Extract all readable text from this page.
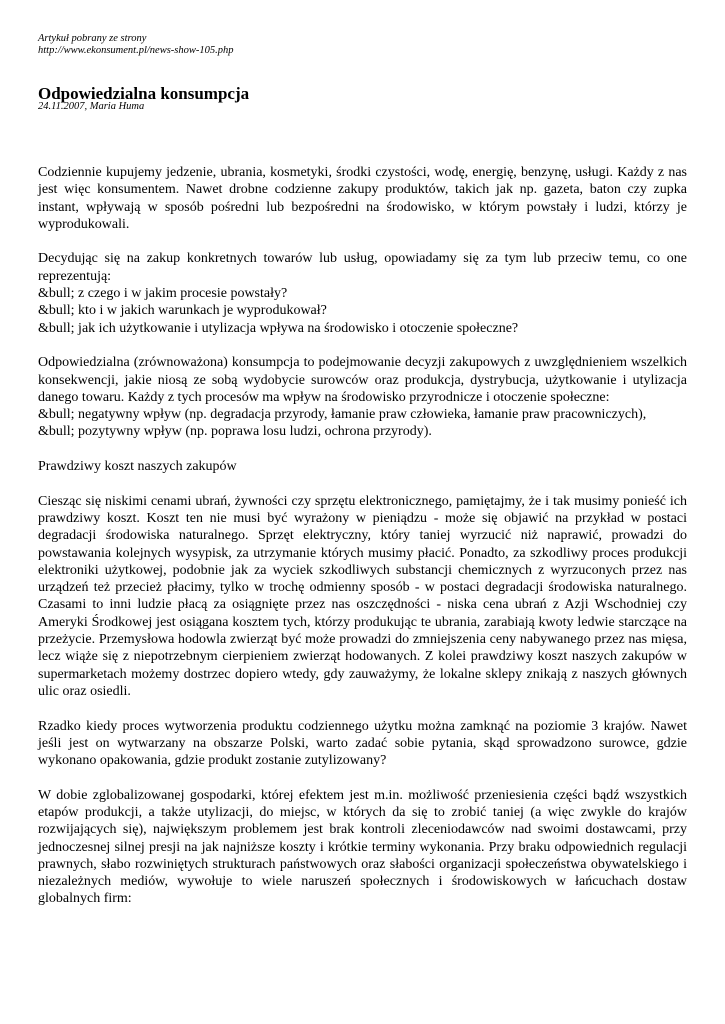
Artykuł pobrany ze strony
http://www.ekonsument.pl/news-show-105.php
Odpowiedzialna konsumpcja
24.11.2007, Maria Huma

Codziennie kupujemy jedzenie, ubrania, kosmetyki, środki czystości, wodę, energię, benzynę, usługi. Każdy z nas jest więc konsumentem. Nawet drobne codzienne zakupy produktów, takich jak np. gazeta, baton czy zupka instant, wpływają w sposób pośredni lub bezpośredni na środowisko, w którym powstały i ludzi, którzy je wyprodukowali.

Decydując się na zakup konkretnych towarów lub usług, opowiadamy się za tym lub przeciw temu, co one reprezentują:

&bull; z czego i w jakim procesie powstały?
&bull; kto i w jakich warunkach je wyprodukował?
&bull; jak ich użytkowanie i utylizacja wpływa na środowisko i otoczenie społeczne?

Odpowiedzialna (zrównoważona) konsumpcja to podejmowanie decyzji zakupowych z uwzględnieniem wszelkich konsekwencji, jakie niosą ze sobą wydobycie surowców oraz produkcja, dystrybucja, użytkowanie i utylizacja danego towaru. Każdy z tych procesów ma wpływ na środowisko przyrodnicze i otoczenie społeczne:

&bull; negatywny wpływ (np. degradacja przyrody, łamanie praw człowieka, łamanie praw pracowniczych),
&bull; pozytywny wpływ (np. poprawa losu ludzi, ochrona przyrody).

Prawdziwy koszt naszych zakupów

Ciesząc się niskimi cenami ubrań, żywności czy sprzętu elektronicznego, pamiętajmy, że i tak musimy ponieść ich prawdziwy koszt. Koszt ten nie musi być wyrażony w pieniądzu - może się objawić na przykład w postaci degradacji środowiska naturalnego. Sprzęt elektryczny, który taniej wyrzucić niż naprawić, prowadzi do powstawania kolejnych wysypisk, za utrzymanie których musimy płacić. Ponadto, za szkodliwy proces produkcji elektroniki użytkowej, podobnie jak za wyciek szkodliwych substancji chemicznych z wyrzuconych przez nas urządzeń też przecież płacimy, tylko w trochę odmienny sposób - w postaci degradacji środowiska naturalnego. Czasami to inni ludzie płacą za osiągnięte przez nas oszczędności - niska cena ubrań z Azji Wschodniej czy Ameryki Środkowej jest osiągana kosztem tych, którzy produkując te ubrania, zarabiają kwoty ledwie starczące na przeżycie. Przemysłowa hodowla zwierząt być może prowadzi do zmniejszenia ceny nabywanego przez nas mięsa, lecz wiąże się z niepotrzebnym cierpieniem zwierząt hodowanych. Z kolei prawdziwy koszt naszych zakupów w supermarketach możemy dostrzec dopiero wtedy, gdy zauważymy, że lokalne sklepy znikają z naszych głównych ulic oraz osiedli.

Rzadko kiedy proces wytworzenia produktu codziennego użytku można zamknąć na poziomie 3 krajów. Nawet jeśli jest on wytwarzany na obszarze Polski, warto zadać sobie pytania, skąd sprowadzono surowce, gdzie wykonano opakowania, gdzie produkt zostanie zutylizowany?

W dobie zglobalizowanej gospodarki, której efektem jest m.in. możliwość przeniesienia części bądź wszystkich etapów produkcji, a także utylizacji, do miejsc, w których da się to zrobić taniej (a więc zwykle do krajów rozwijających się), największym problemem jest brak kontroli zleceniodawców nad swoimi dostawcami, przy jednoczesnej silnej presji na jak najniższe koszty i krótkie terminy wykonania. Przy braku odpowiednich regulacji prawnych, słabo rozwiniętych strukturach państwowych oraz słabości organizacji społeczeństwa obywatelskiego i niezależnych mediów, wywołuje to wiele naruszeń społecznych i środowiskowych w łańcuchach dostaw globalnych firm:
